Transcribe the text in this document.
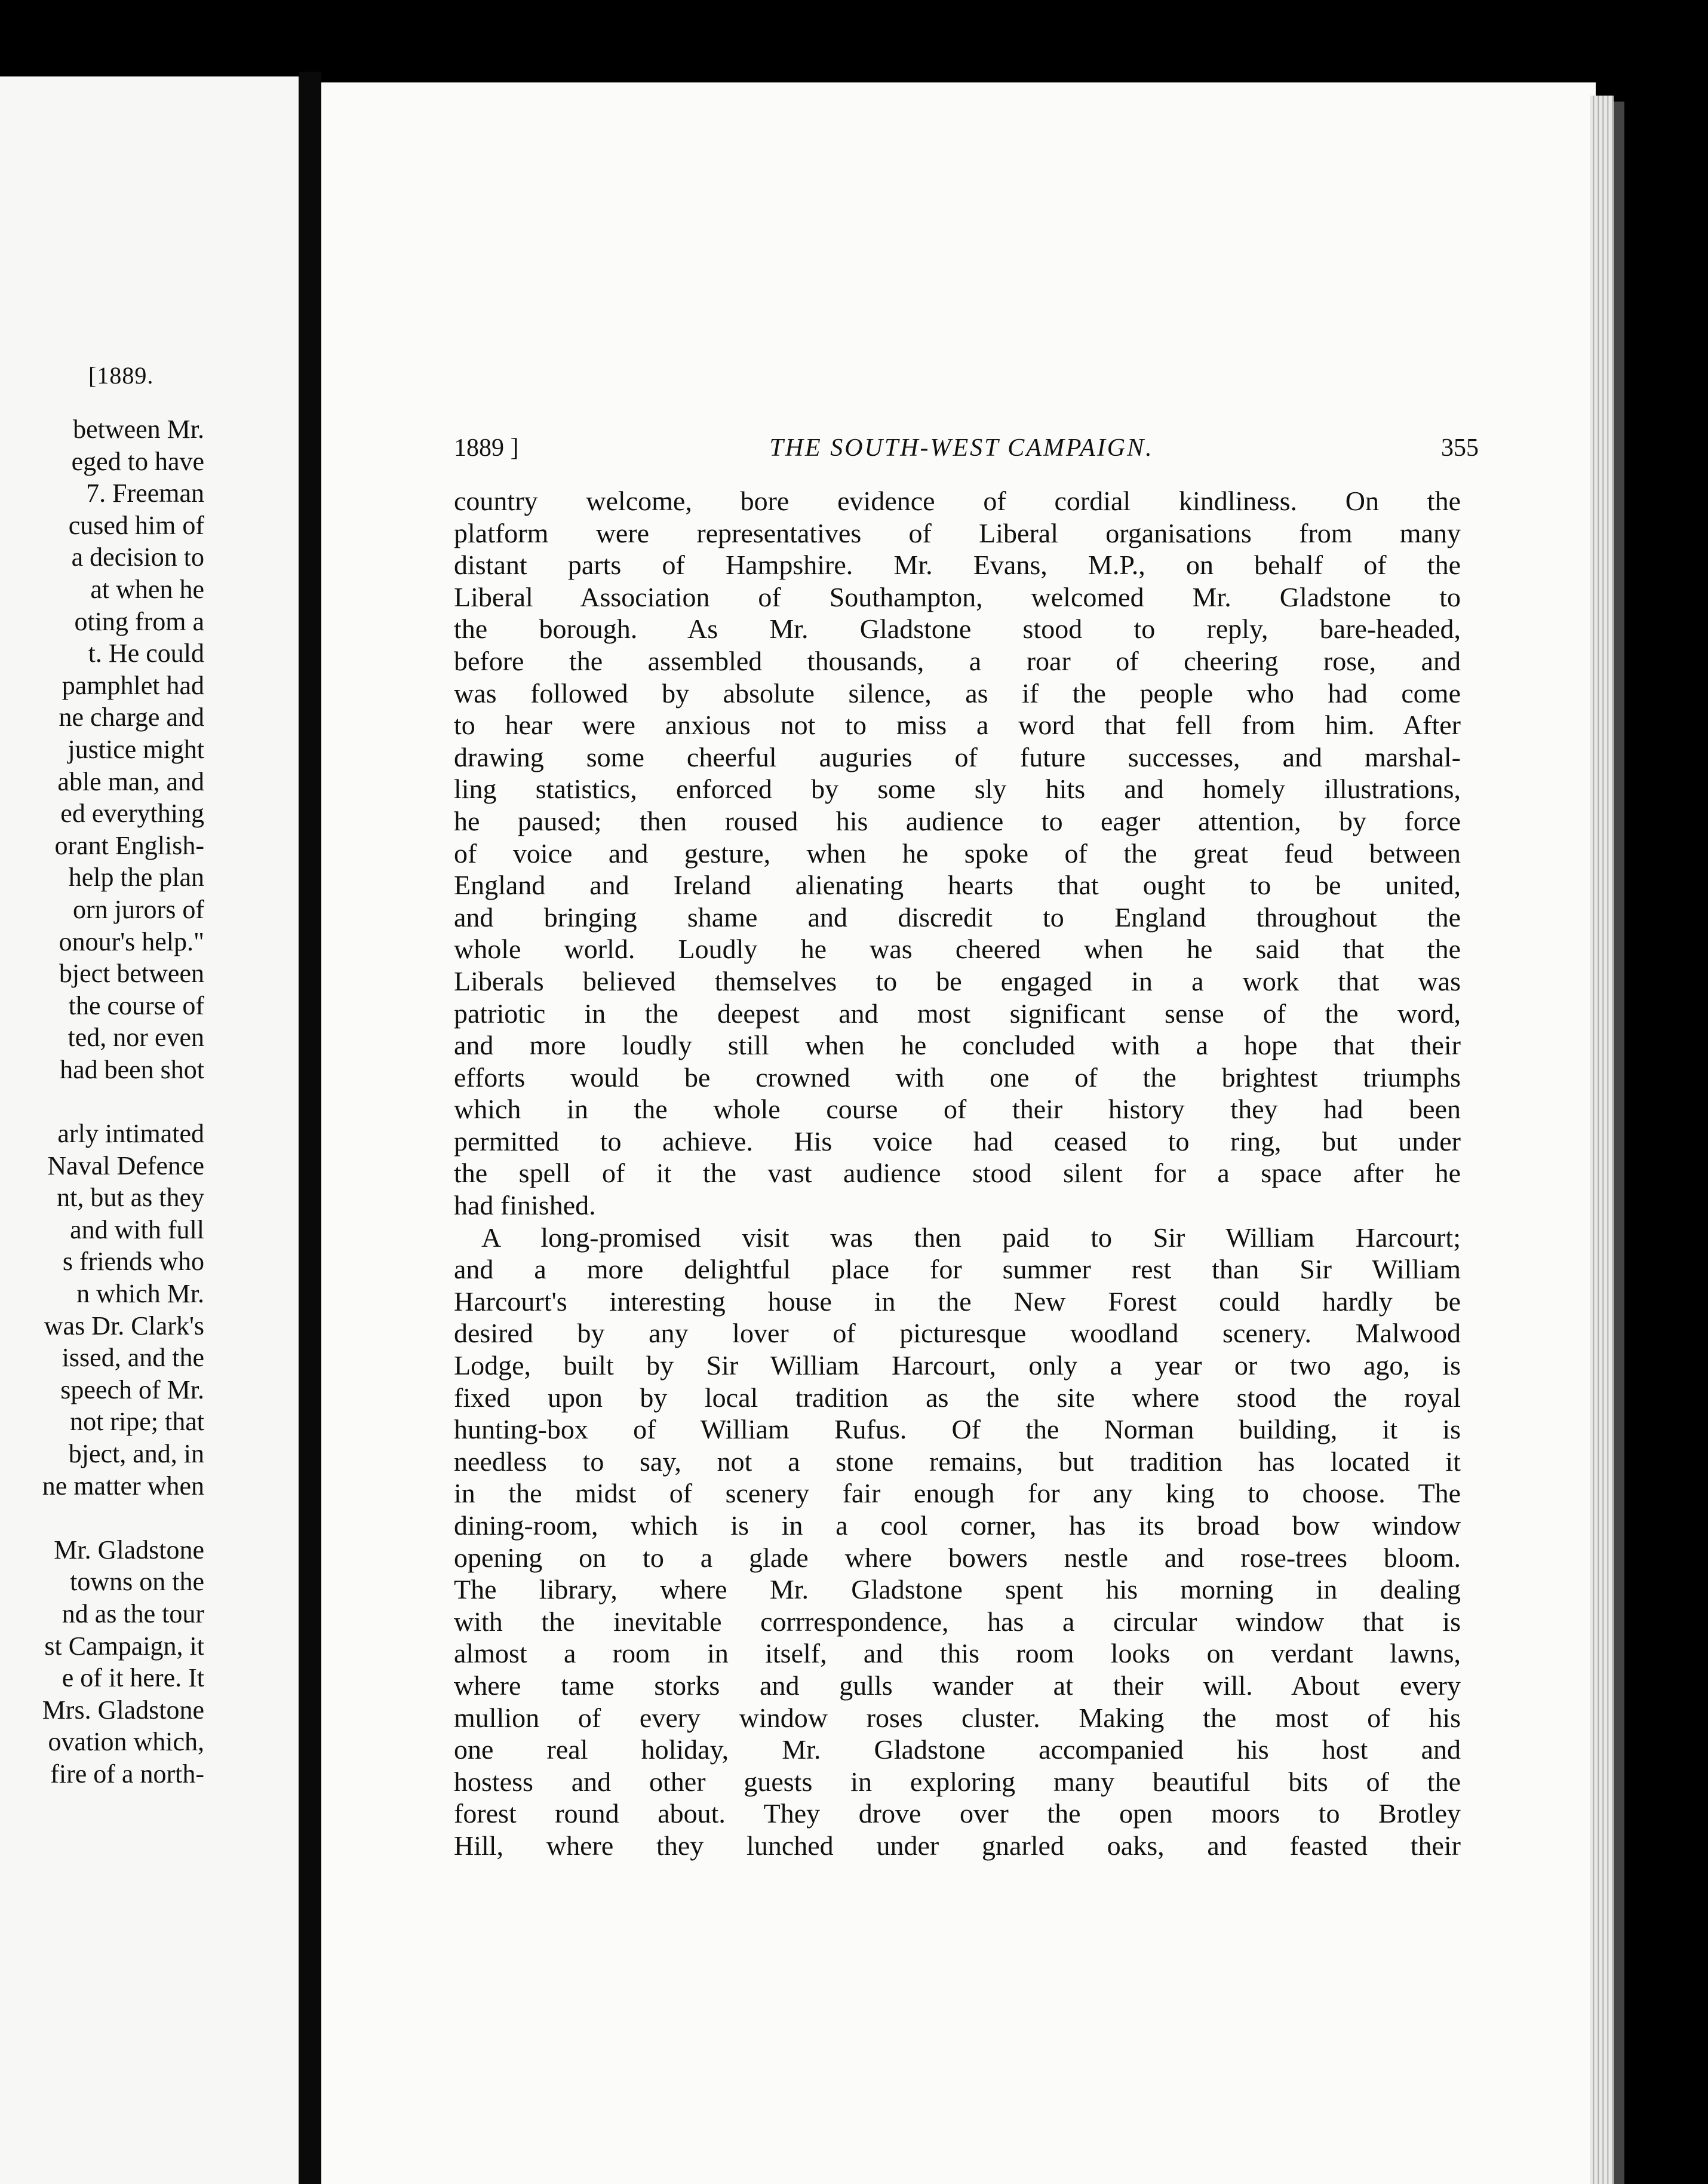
[1889.
between Mr.
eged to have
7. Freeman
cused him of
a decision to
at when he
oting from a
t. He could
pamphlet had
ne charge and
justice might
able man, and
ed everything
orant English-
help the plan
orn jurors of
onour's help."
bject between
the course of
ted, nor even
had been shot
arly intimated
Naval Defence
nt, but as they
and with full
s friends who
n which Mr.
was Dr. Clark's
issed, and the
speech of Mr.
not ripe; that
bject, and, in
ne matter when
Mr. Gladstone
towns on the
nd as the tour
st Campaign, it
e of it here. It
Mrs. Gladstone
ovation which,
fire of a north-
1889 ]	THE SOUTH-WEST CAMPAIGN.	355
country welcome, bore evidence of cordial kindliness. On the
platform were representatives of Liberal organisations from many
distant parts of Hampshire. Mr. Evans, M.P., on behalf of the
Liberal Association of Southampton, welcomed Mr. Gladstone to
the borough. As Mr. Gladstone stood to reply, bare-headed,
before the assembled thousands, a roar of cheering rose, and
was followed by absolute silence, as if the people who had come
to hear were anxious not to miss a word that fell from him. After
drawing some cheerful auguries of future successes, and marshal-
ling statistics, enforced by some sly hits and homely illustrations,
he paused; then roused his audience to eager attention, by force
of voice and gesture, when he spoke of the great feud between
England and Ireland alienating hearts that ought to be united,
and bringing shame and discredit to England throughout the
whole world. Loudly he was cheered when he said that the
Liberals believed themselves to be engaged in a work that was
patriotic in the deepest and most significant sense of the word,
and more loudly still when he concluded with a hope that their
efforts would be crowned with one of the brightest triumphs
which in the whole course of their history they had been
permitted to achieve. His voice had ceased to ring, but under
the spell of it the vast audience stood silent for a space after he
had finished.
A long-promised visit was then paid to Sir William Harcourt;
and a more delightful place for summer rest than Sir William
Harcourt's interesting house in the New Forest could hardly be
desired by any lover of picturesque woodland scenery. Malwood
Lodge, built by Sir William Harcourt, only a year or two ago, is
fixed upon by local tradition as the site where stood the royal
hunting-box of William Rufus. Of the Norman building, it is
needless to say, not a stone remains, but tradition has located it
in the midst of scenery fair enough for any king to choose. The
dining-room, which is in a cool corner, has its broad bow window
opening on to a glade where bowers nestle and rose-trees bloom.
The library, where Mr. Gladstone spent his morning in dealing
with the inevitable corrrespondence, has a circular window that is
almost a room in itself, and this room looks on verdant lawns,
where tame storks and gulls wander at their will. About every
mullion of every window roses cluster. Making the most of his
one real holiday, Mr. Gladstone accompanied his host and
hostess and other guests in exploring many beautiful bits of the
forest round about. They drove over the open moors to Brotley
Hill, where they lunched under gnarled oaks, and feasted their
